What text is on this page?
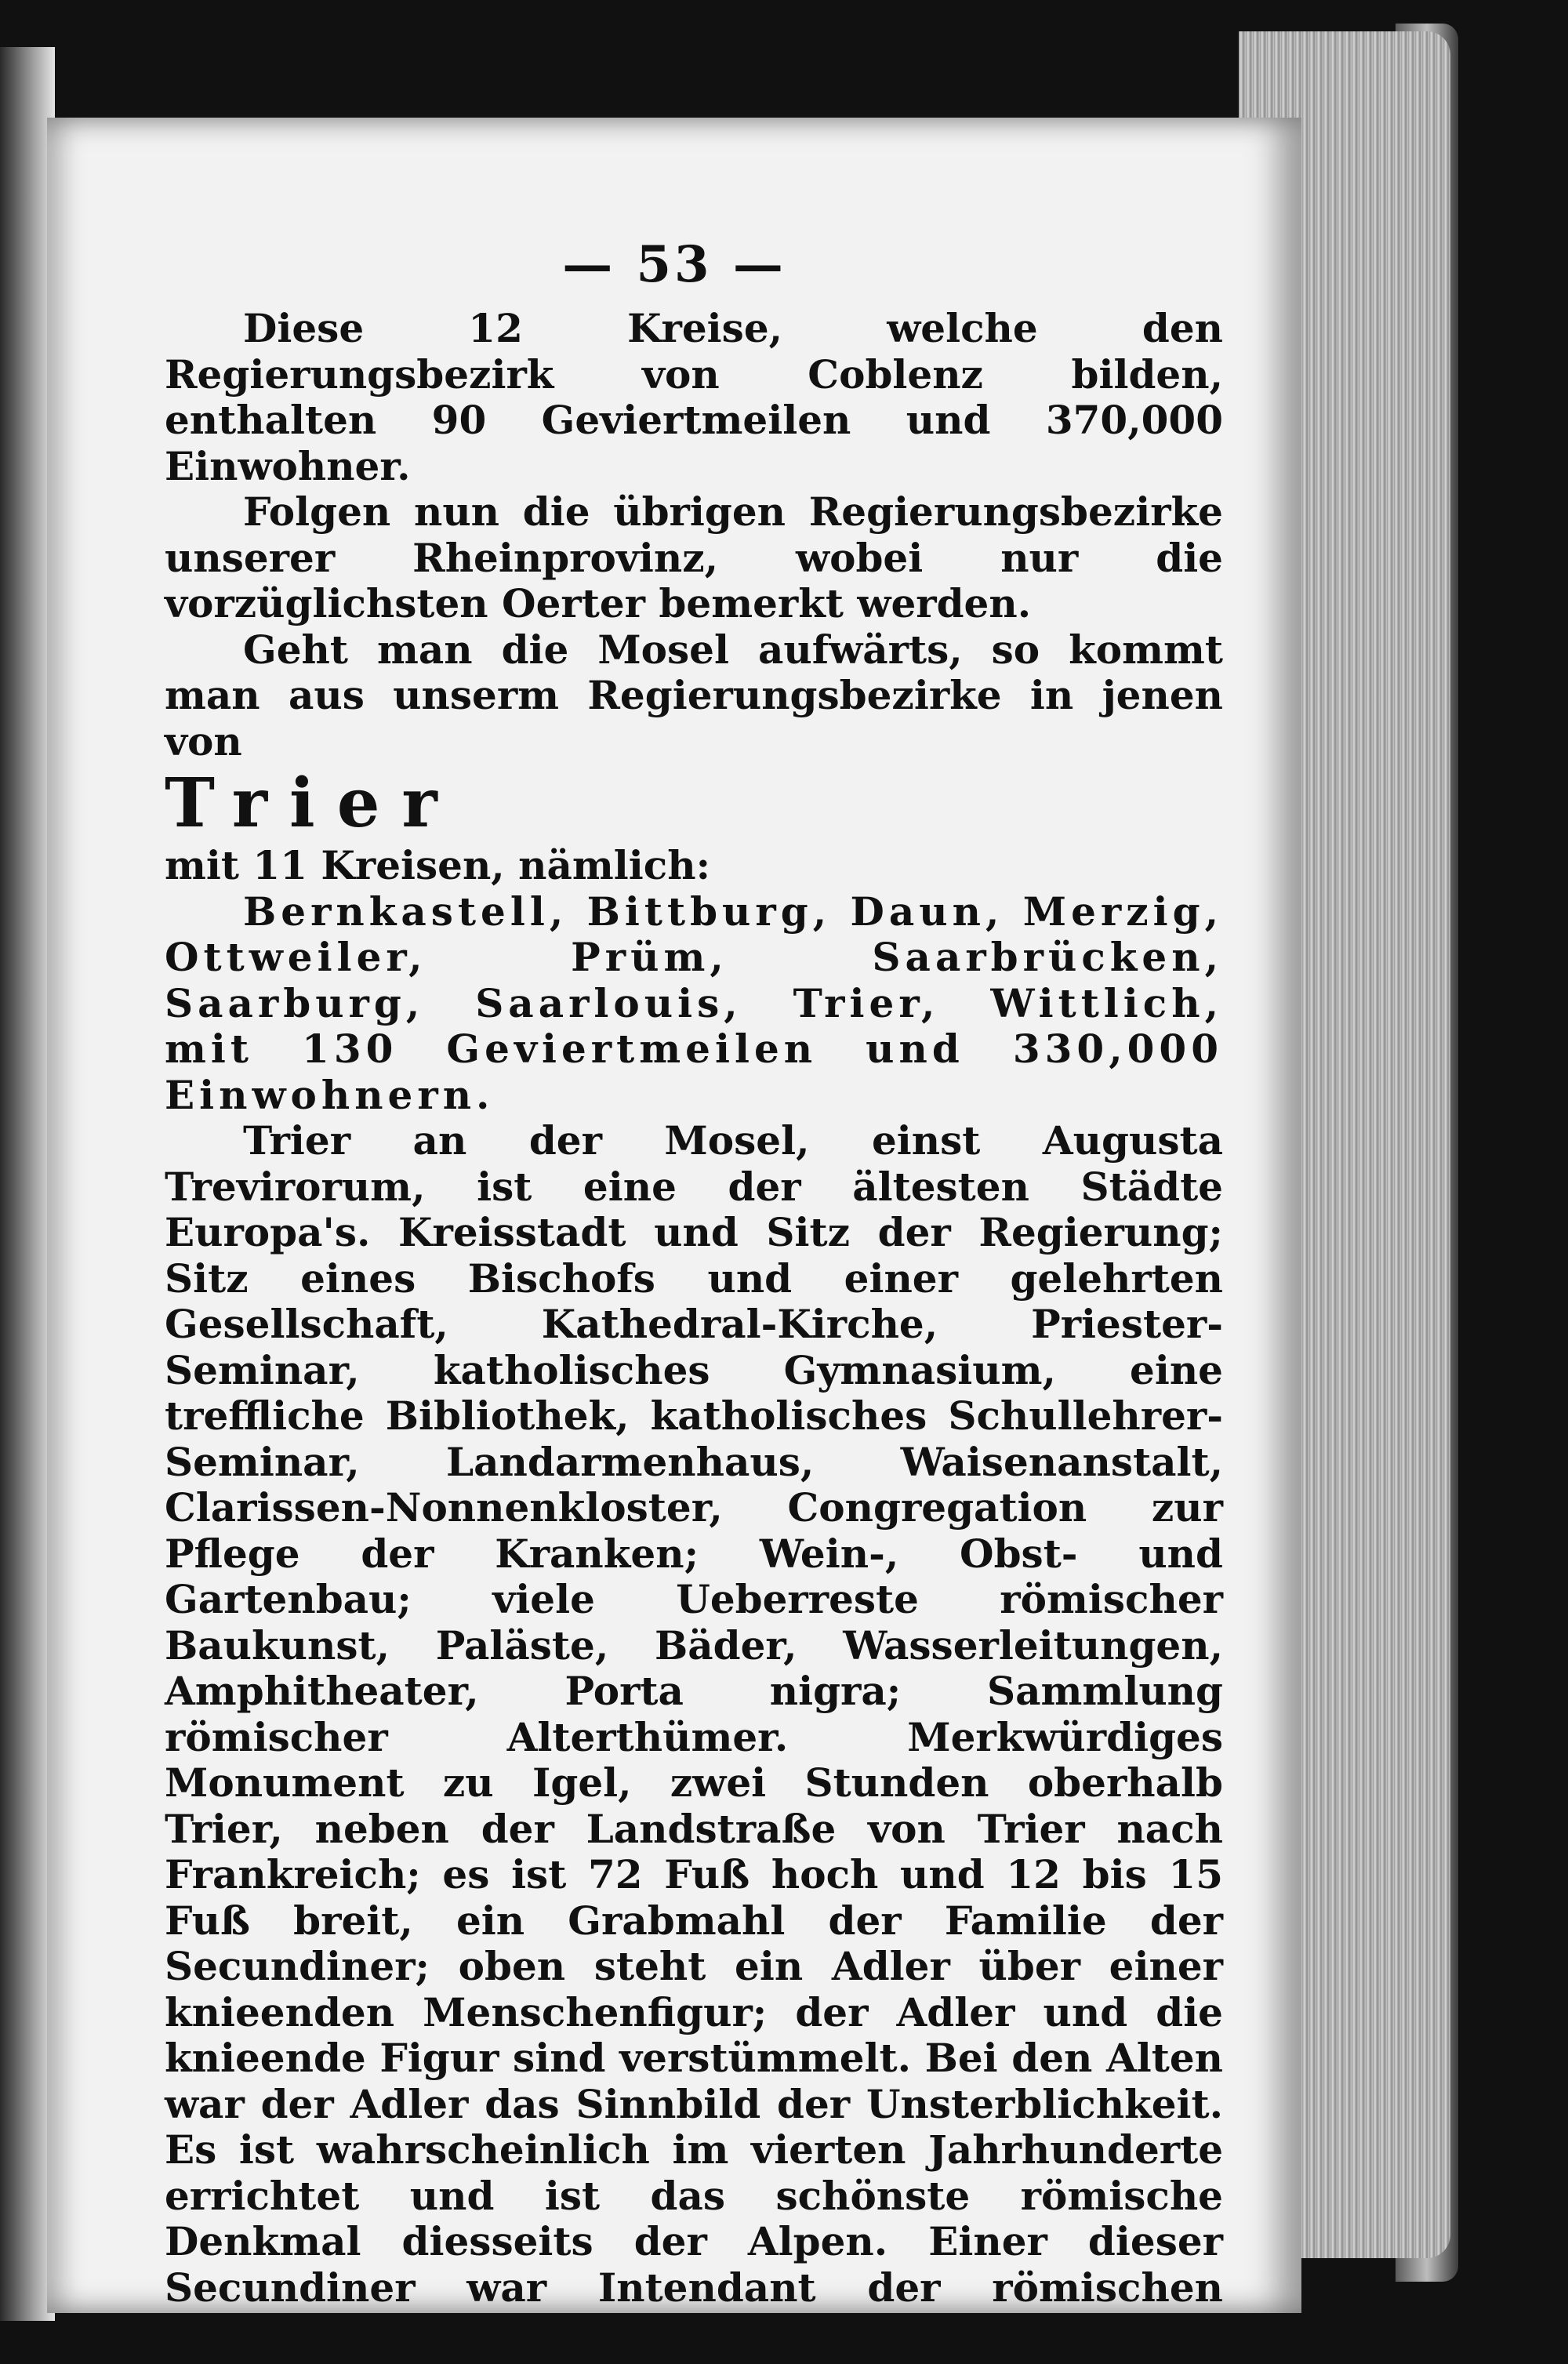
— 53 —

Diese 12 Kreise, welche den Regierungsbezirk von Coblenz bilden, enthalten 90 Geviertmeilen und 370,000 Einwohner.

Folgen nun die übrigen Regierungsbezirke unserer Rheinprovinz, wobei nur die vorzüglichsten Oerter bemerkt werden.

Geht man die Mosel aufwärts, so kommt man aus unserm Regierungsbezirke in jenen von

Trier

mit 11 Kreisen, nämlich:

Bernkastell, Bittburg, Daun, Merzig, Ottweiler, Prüm, Saarbrücken, Saarburg, Saarlouis, Trier, Wittlich, mit 130 Geviertmeilen und 330,000 Einwohnern.

Trier an der Mosel, einst Augusta Trevirorum, ist eine der ältesten Städte Europa's. Kreisstadt und Sitz der Regierung; Sitz eines Bischofs und einer gelehrten Gesellschaft, Kathedral-Kirche, Priester-Seminar, katholisches Gymnasium, eine treffliche Bibliothek, katholisches Schullehrer-Seminar, Landarmenhaus, Waisenanstalt, Clarissen-Nonnenkloster, Congregation zur Pflege der Kranken; Wein-, Obst- und Gartenbau; viele Ueberreste römischer Baukunst, Paläste, Bäder, Wasserleitungen, Amphitheater, Porta nigra; Sammlung römischer Alterthümer. Merkwürdiges Monument zu Igel, zwei Stunden oberhalb Trier, neben der Landstraße von Trier nach Frankreich; es ist 72 Fuß hoch und 12 bis 15 Fuß breit, ein Grabmahl der Familie der Secundiner; oben steht ein Adler über einer knieenden Menschenfigur; der Adler und die knieende Figur sind verstümmelt. Bei den Alten war der Adler das Sinnbild der Unsterblichkeit. Es ist wahrscheinlich im vierten Jahrhunderte errichtet und ist das schönste römische Denkmal diesseits der Alpen. Einer dieser Secundiner war Intendant der römischen Armee und hatte für den Unter-
